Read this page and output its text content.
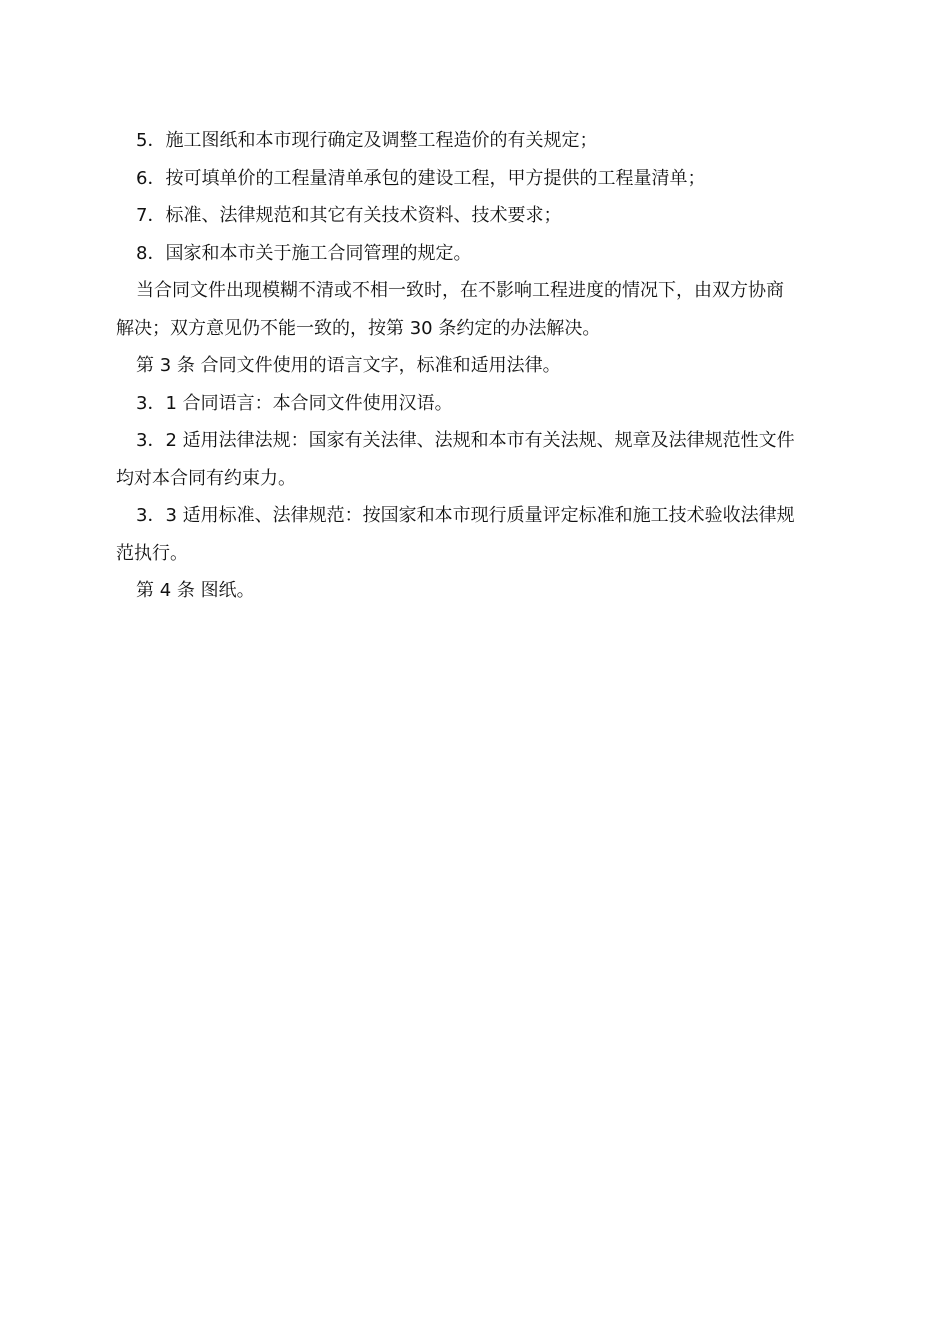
5．施工图纸和本市现行确定及调整工程造价的有关规定；

6．按可填单价的工程量清单承包的建设工程，甲方提供的工程量清单；

7．标准、法律规范和其它有关技术资料、技术要求；

8．国家和本市关于施工合同管理的规定。

当合同文件出现模糊不清或不相一致时，在不影响工程进度的情况下，由双方协商

解决；双方意见仍不能一致的，按第 30 条约定的办法解决。

第 3 条 合同文件使用的语言文字，标准和适用法律。

3．1 合同语言：本合同文件使用汉语。

3．2 适用法律法规：国家有关法律、法规和本市有关法规、规章及法律规范性文件

均对本合同有约束力。

3．3 适用标准、法律规范：按国家和本市现行质量评定标准和施工技术验收法律规

范执行。

第 4 条 图纸。
